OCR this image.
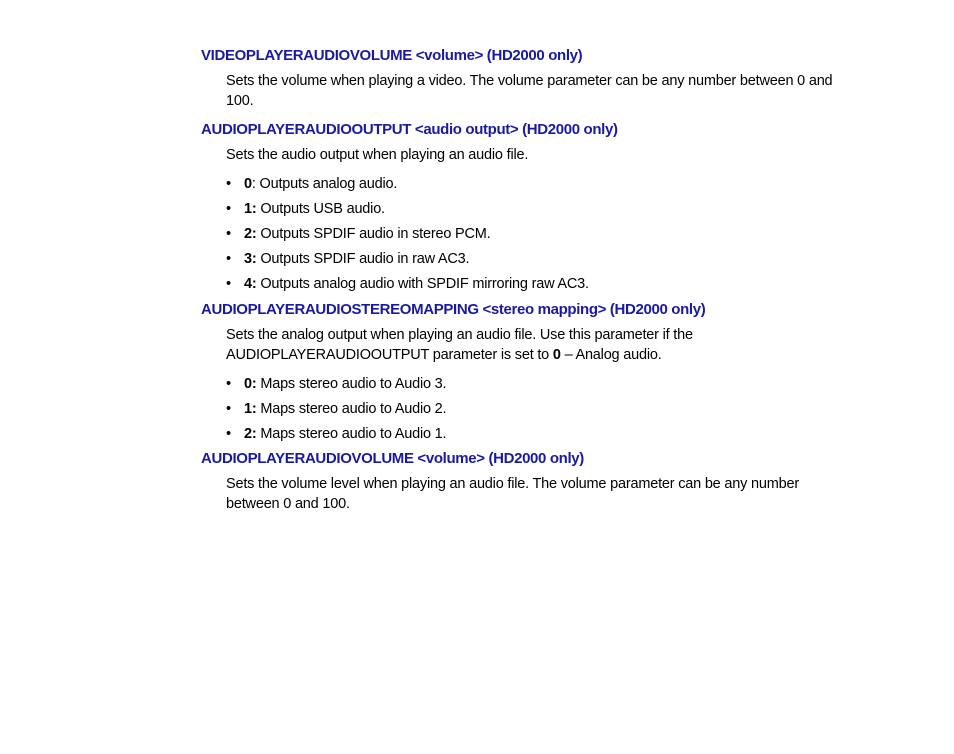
VIDEOPLAYERAUDIOVOLUME <volume> (HD2000 only)

Sets the volume when playing a video. The volume parameter can be any number between 0 and 100.

AUDIOPLAYERAUDIOOUTPUT <audio output> (HD2000 only)

Sets the audio output when playing an audio file.

• 0: Outputs analog audio.

• 1: Outputs USB audio.

• 2: Outputs SPDIF audio in stereo PCM.

• 3: Outputs SPDIF audio in raw AC3.

• 4: Outputs analog audio with SPDIF mirroring raw AC3.

AUDIOPLAYERAUDIOSTEREOMAPPING <stereo mapping> (HD2000 only)

Sets the analog output when playing an audio file. Use this parameter if the
AUDIOPLAYERAUDIOOUTPUT parameter is set to 0 – Analog audio.

• 0: Maps stereo audio to Audio 3.

• 1: Maps stereo audio to Audio 2.

• 2: Maps stereo audio to Audio 1.

AUDIOPLAYERAUDIOVOLUME <volume> (HD2000 only)

Sets the volume level when playing an audio file. The volume parameter can be any number between 0 and 100.
